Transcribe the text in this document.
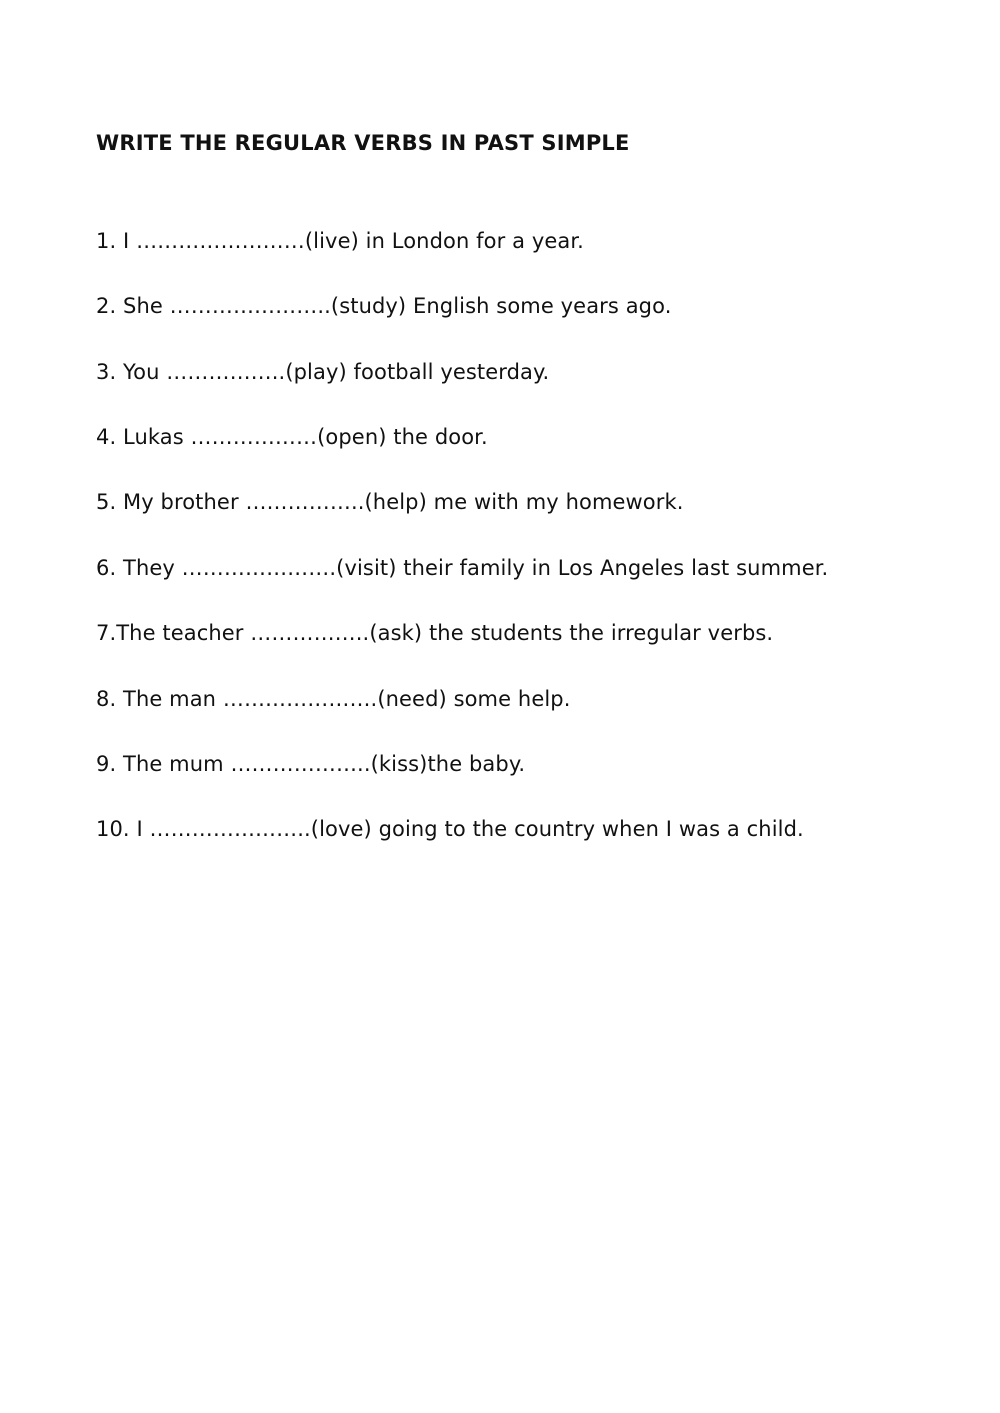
WRITE THE REGULAR VERBS IN PAST SIMPLE

1. I ……………………(live) in London for a year.

2. She …………………..(study) English some years ago.

3. You ……………..(play) football yesterday.

4. Lukas ………………(open) the door.

5. My brother ……………..(help) me with my homework.

6. They ………………….(visit) their family in Los Angeles last summer.

7.The teacher ……………..(ask) the students the irregular verbs.

8. The man ………………….(need) some help.

9. The mum ………………..(kiss)the baby.

10. I …………………..(love) going to the country when I was a child.
